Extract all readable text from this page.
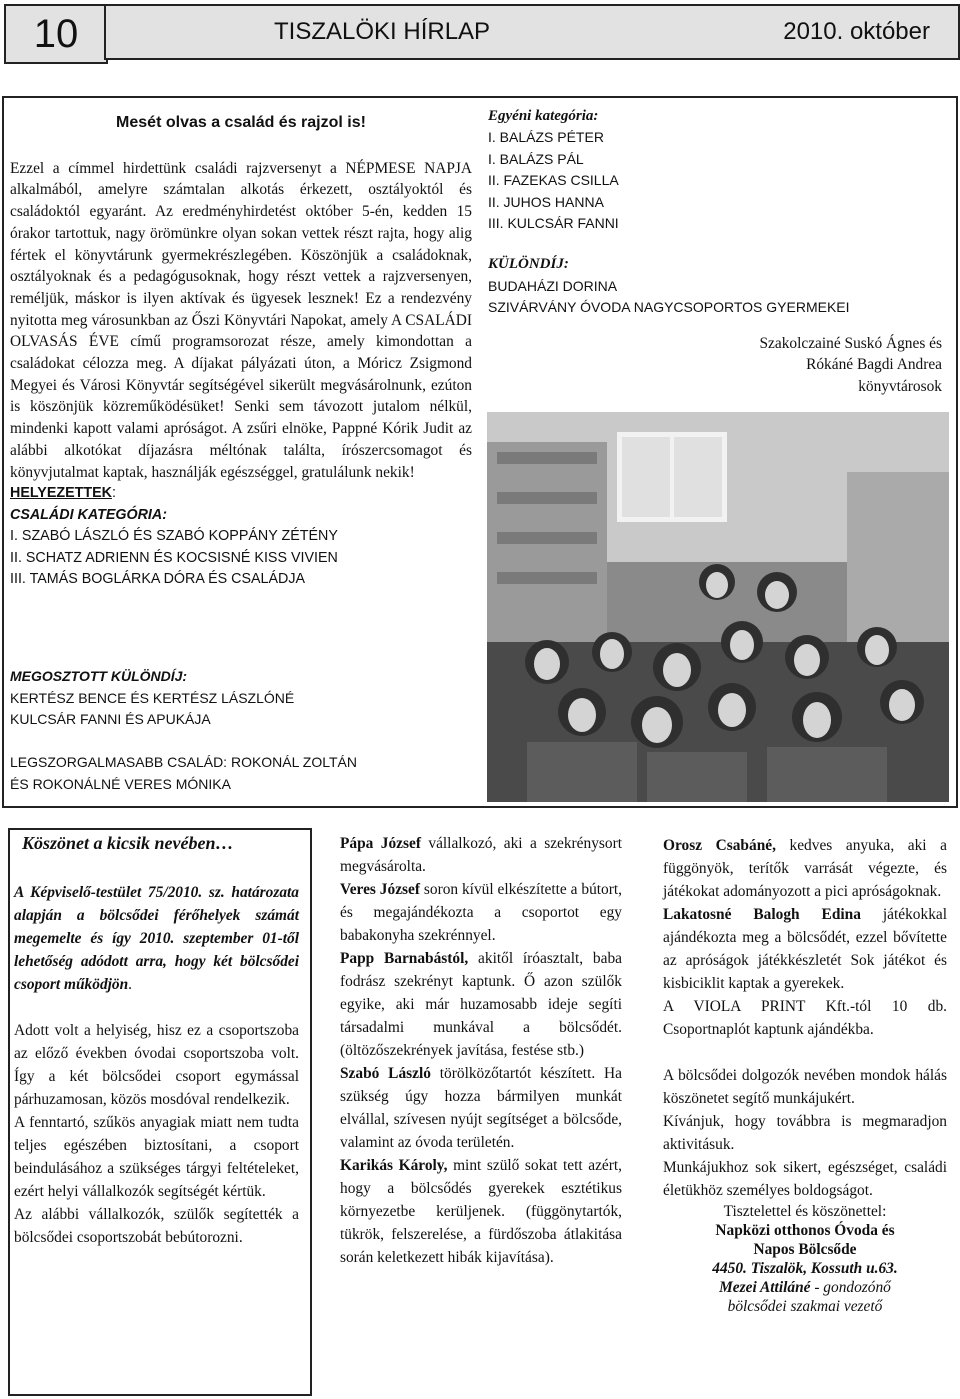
10	TISZALÖKI HÍRLAP	2010. október

Mesét olvas a család és rajzol is!

Ezzel a címmel hirdettünk családi rajzversenyt a NÉPMESE NAPJA alkalmából, amelyre számtalan alkotás érkezett, osztályoktól és családoktól egyaránt. Az eredményhirdetést október 5-én, kedden 15 órakor tartottuk, nagy örömünkre olyan sokan vettek részt rajta, hogy alig fértek el könyvtárunk gyermekrészlegében. Köszönjük a családoknak, osztályoknak és a pedagógusoknak, hogy részt vettek a rajzversenyen, reméljük, máskor is ilyen aktívak és ügyesek lesznek! Ez a rendezvény nyitotta meg városunkban az Őszi Könyvtári Napokat, amely A CSALÁDI OLVASÁS ÉVE című programsorozat része, amely kimondottan a családokat célozza meg. A díjakat pályázati úton, a Móricz Zsigmond Megyei és Városi Könyvtár segítségével sikerült megvásárolnunk, ezúton is köszönjük közreműködésüket! Senki sem távozott jutalom nélkül, mindenki kapott valami apróságot. A zsűri elnöke, Pappné Kórik Judit az alábbi alkotókat díjazásra méltónak találta, írószercsomagot és könyvjutalmat kaptak, használják egészséggel, gratulálunk nekik!

HELYEZETTEK:
CSALÁDI KATEGÓRIA:
I. SZABÓ LÁSZLÓ ÉS SZABÓ KOPPÁNY ZÉTÉNY
II. SCHATZ ADRIENN ÉS KOCSISNÉ KISS VIVIEN
III. TAMÁS BOGLÁRKA DÓRA ÉS CSALÁDJA
MEGOSZTOTT KÜLÖNDÍJ:
KERTÉSZ BENCE ÉS KERTÉSZ LÁSZLÓNÉ
KULCSÁR FANNI ÉS APUKÁJA
LEGSZORGALMASABB CSALÁD: ROKONÁL ZOLTÁN
ÉS ROKONÁLNÉ VERES MÓNIKA
Egyéni kategória:
I. BALÁZS PÉTER
I. BALÁZS PÁL
II. FAZEKAS CSILLA
II. JUHOS HANNA
III. KULCSÁR FANNI
KÜLÖNDÍJ:
BUDAHÁZI DORINA
SZIVÁRVÁNY ÓVODA NAGYCSOPORTOS GYERMEKEI
Szakolczainé Suskó Ágnes és
Rókáné Bagdi Andrea
könyvtárosok

Köszönet a kicsik nevében…

A Képviselő-testület 75/2010. sz. határozata alapján a bölcsődei férőhelyek számát megemelte és így 2010. szeptember 01-től lehetőség adódott arra, hogy két bölcsődei csoport működjön.

Adott volt a helyiség, hisz ez a csoportszoba az előző években óvodai csoportszoba volt. Így a két bölcsődei csoport egymással párhuzamosan, közös mosdóval rendelkezik.

A fenntartó, szűkös anyagiak miatt nem tudta teljes egészében biztosítani, a csoport beindulásához a szükséges tárgyi feltételeket, ezért helyi vállalkozók segítségét kértük.

Az alábbi vállalkozók, szülők segítették a bölcsődei csoportszobát bebútorozni.

Pápa József vállalkozó, aki a szekrénysort megvásárolta.

Veres József soron kívül elkészítette a bútort, és megajándékozta a csoportot egy babakonyha szekrénnyel.

Papp Barnabástól, akitől íróasztalt, baba fodrász szekrényt kaptunk. Ő azon szülők egyike, aki már huzamosabb ideje segíti társadalmi munkával a bölcsődét. (öltözőszekrények javítása, festése stb.)

Szabó László törölközőtartót készített. Ha szükség úgy hozza bármilyen munkát elvállal, szívesen nyújt segítséget a bölcsőde, valamint az óvoda területén.

Karikás Károly, mint szülő sokat tett azért, hogy a bölcsődés gyerekek esztétikus környezetbe kerüljenek. (függönytartók, tükrök, felszerelése, a fürdőszoba átlakitása során keletkezett hibák kijavítása).

Orosz Csabáné, kedves anyuka, aki a függönyök, terítők varrását végezte, és játékokat adományozott a pici apróságoknak.

Lakatosné Balogh Edina játékokkal ajándékozta meg a bölcsődét, ezzel bővítette az apróságok játékkészletét Sok játékot és kisbiciklit kaptak a gyerekek.

A VIOLA PRINT Kft.-tól 10 db. Csoportnaplót kaptunk ajándékba.

A bölcsődei dolgozók nevében mondok hálás köszönetet segítő munkájukért.

Kívánjuk, hogy továbbra is megmaradjon aktivitásuk.

Munkájukhoz sok sikert, egészséget, családi életükhöz személyes boldogságot.

Tisztelettel és köszönettel:
Napközi otthonos Óvoda és
Napos Bölcsőde
4450. Tiszalök, Kossuth u.63.
Mezei Attiláné - gondozónő
bölcsődei szakmai vezető
